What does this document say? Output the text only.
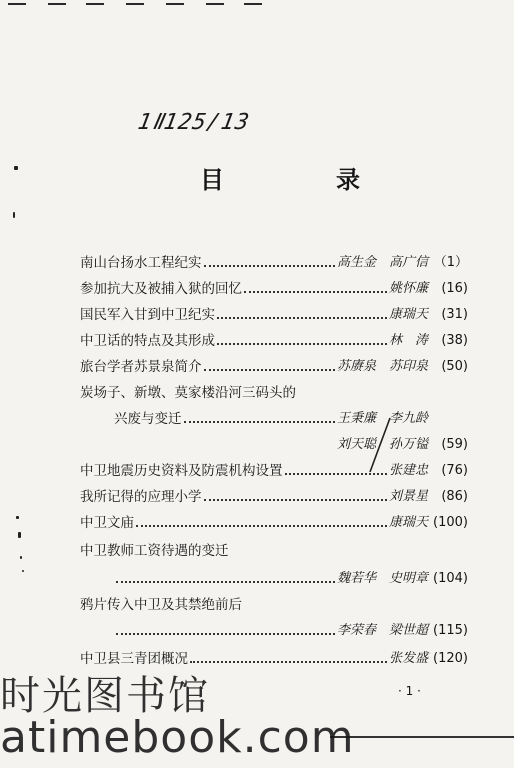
1Ⅱ125/13
目	录
南山台扬水工程纪实	高生金　高广信 （1）
参加抗大及被捕入狱的回忆	姚怀廉	(16)
国民军入甘到中卫纪实	康瑞天	(31)
中卫话的特点及其形成	林　涛	(38)
旅台学者苏景泉简介	苏赓泉　苏印泉	(50)
炭场子、新墩、莫家楼沿河三码头的
兴废与变迁	王秉廉　李九龄
刘天聪　孙万镒	(59)
中卫地震历史资料及防震机构设置	张建忠	(76)
我所记得的应理小学	刘景星	(86)
中卫文庙	康瑞天 (100)
中卫教师工资待遇的变迁
魏若华　史明章 (104)
鸦片传入中卫及其禁绝前后
李荣春　梁世超 (115)
中卫县三青团概况	张发盛 (120)
· 1 ·
时光图书馆
atimebook.com
